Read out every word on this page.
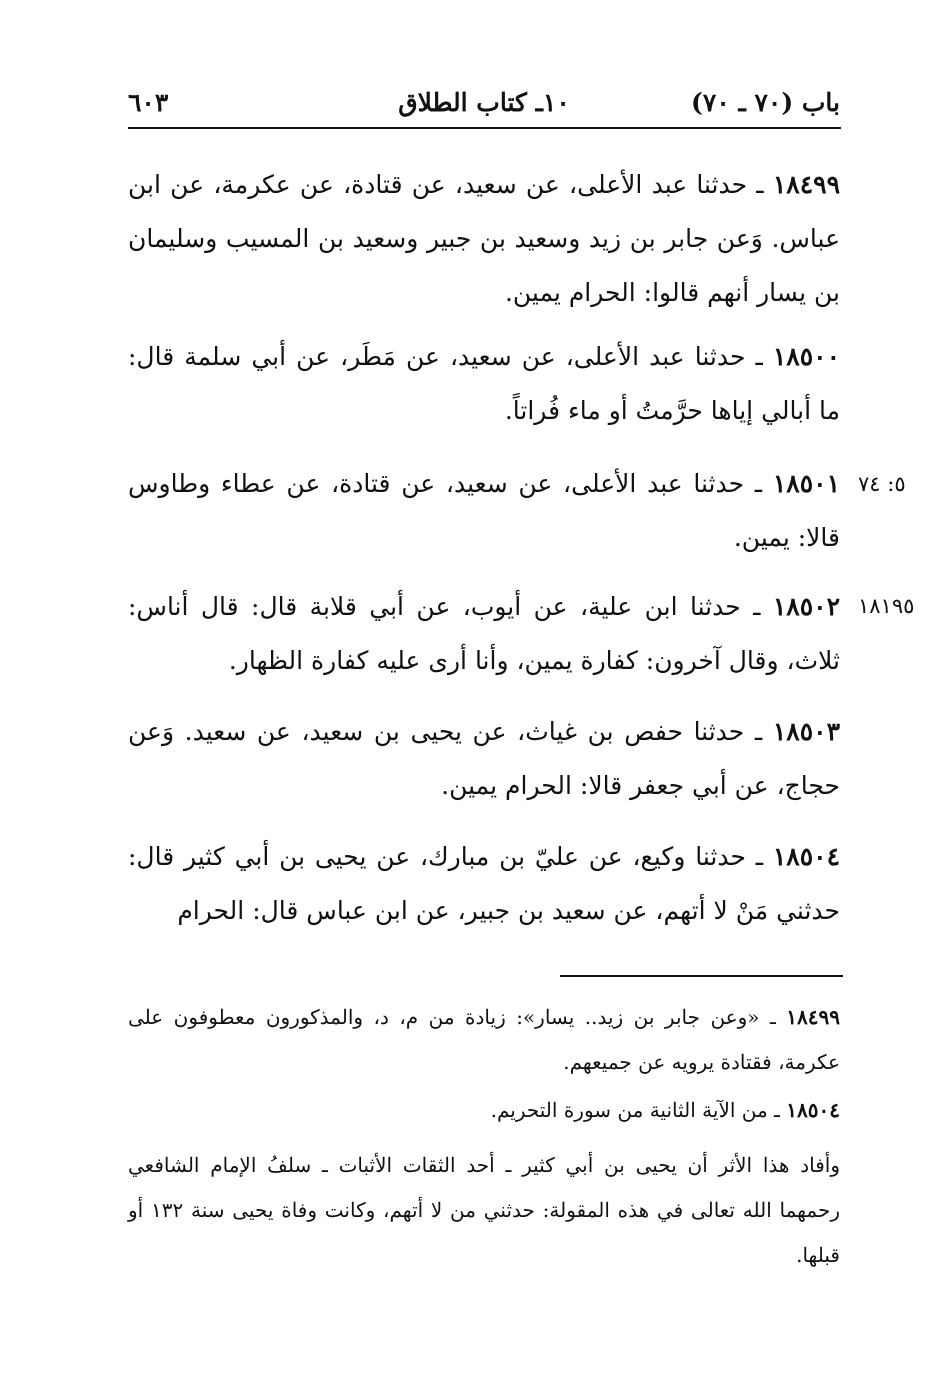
باب (٧٠ ـ ٧٠)
١٠ـ كتاب الطلاق
٦٠٣
١٨٤٩٩ ـ حدثنا عبد الأعلى، عن سعيد، عن قتادة، عن عكرمة، عن ابن عباس. وَعن جابر بن زيد وسعيد بن جبير وسعيد بن المسيب وسليمان بن يسار أنهم قالوا: الحرام يمين.
١٨٥٠٠ ـ حدثنا عبد الأعلى، عن سعيد، عن مَطَر، عن أبي سلمة قال: ما أبالي إياها حرَّمتُ أو ماء فُراتاً.
١٨٥٠١ ـ حدثنا عبد الأعلى، عن سعيد، عن قتادة، عن عطاء وطاوس قالا: يمين.
٥: ٧٤
١٨٥٠٢ ـ حدثنا ابن علية، عن أيوب، عن أبي قلابة قال: قال أناس: ثلاث، وقال آخرون: كفارة يمين، وأنا أرى عليه كفارة الظهار.
١٨١٩٥
١٨٥٠٣ ـ حدثنا حفص بن غياث، عن يحيى بن سعيد، عن سعيد. وَعن حجاج، عن أبي جعفر قالا: الحرام يمين.
١٨٥٠٤ ـ حدثنا وكيع، عن عليّ بن مبارك، عن يحيى بن أبي كثير قال: حدثني مَنْ لا أتهم، عن سعيد بن جبير، عن ابن عباس قال: الحرام
١٨٤٩٩ ـ «وعن جابر بن زيد.. يسار»: زيادة من م، د، والمذكورون معطوفون على عكرمة، فقتادة يرويه عن جميعهم.
١٨٥٠٤ ـ من الآية الثانية من سورة التحريم.
وأفاد هذا الأثر أن يحيى بن أبي كثير ـ أحد الثقات الأثبات ـ سلفُ الإمام الشافعي رحمهما الله تعالى في هذه المقولة: حدثني من لا أتهم، وكانت وفاة يحيى سنة ١٣٢ أو قبلها.
